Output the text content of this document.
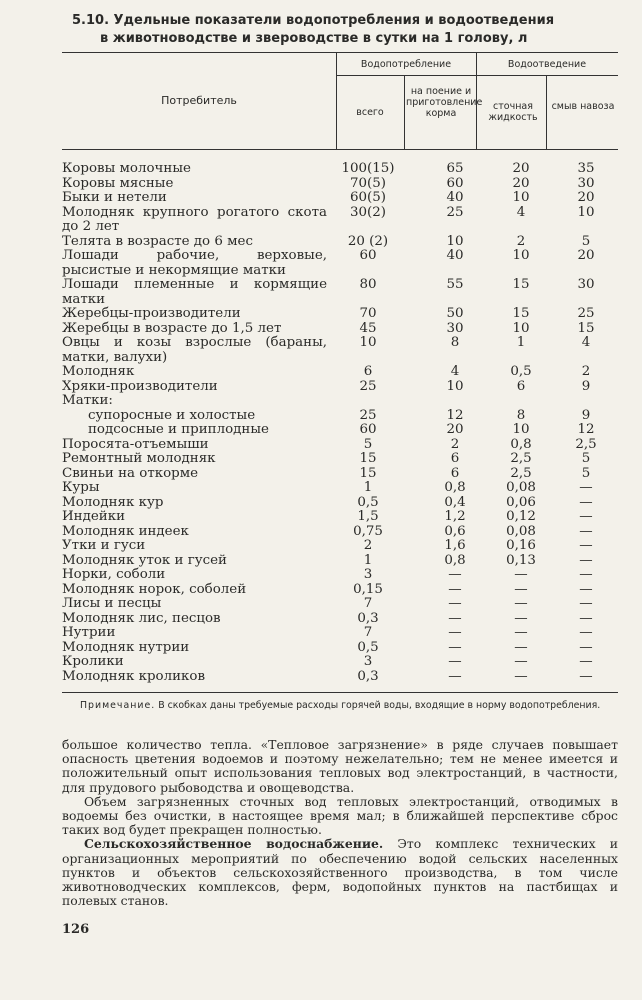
5.10. Удельные показатели водопотребления и водоотведения
в животноводстве и звероводстве в сутки на 1 голову, л
Потребитель
Водопотребление	Водоотведение
всего
на поение и приготовление корма
сточная жидкость
смыв навоза
Коровы молочные	100(15)	65	20	35
Коровы мясные	70(5)	60	20	30
Быки и нетели	60(5)	40	10	20
Молодняк крупного рогатого скота до 2 лет
30(2)	25	4	10
Телята в возрасте до 6 мес	20 (2)	10	2	5
Лошади рабочие, верховые, рысистые и некормящие матки
60	40	10	20
Лошади племенные и кормящие матки
80	55	15	30
Жеребцы-производители	70	50	15	25
Жеребцы в возрасте до 1,5 лет	45	30	10	15
Овцы и козы взрослые (бараны, матки, валухи)
10	8	1	4
Молодняк	6	4	0,5	2
Хряки-производители	25	10	6	9
Матки:
супоросные и холостые	25	12	8	9
подсосные и приплодные	60	20	10	12
Поросята-отъемыши	5	2	0,8	2,5
Ремонтный молодняк	15	6	2,5	5
Свиньи на откорме	15	6	2,5	5
Куры	1	0,8	0,08	—
Молодняк кур	0,5	0,4	0,06	—
Индейки	1,5	1,2	0,12	—
Молодняк индеек	0,75	0,6	0,08	—
Утки и гуси	2	1,6	0,16	—
Молодняк уток и гусей	1	0,8	0,13	—
Норки, соболи	3	—	—	—
Молодняк норок, соболей	0,15	—	—	—
Лисы и песцы	7	—	—	—
Молодняк лис, песцов	0,3	—	—	—
Нутрии	7	—	—	—
Молодняк нутрии	0,5	—	—	—
Кролики	3	—	—	—
Молодняк кроликов	0,3	—	—	—
Примечание. В скобках даны требуемые расходы горячей воды, входящие в норму водопотребления.

большое количество тепла. «Тепловое загрязнение» в ряде случаев повышает опасность цветения водоемов и поэтому нежелательно; тем не менее имеется и положительный опыт использования тепловых вод электростанций, в частности, для прудового рыбоводства и овощеводства.

Объем загрязненных сточных вод тепловых электростанций, отводимых в водоемы без очистки, в настоящее время мал; в ближайшей перспективе сброс таких вод будет прекращен полностью.

Сельскохозяйственное водоснабжение. Это комплекс технических и организационных мероприятий по обеспечению водой сельских населенных пунктов и объектов сельскохозяйственного производства, в том числе животноводческих комплексов, ферм, водопойных пунктов на пастбищах и полевых станов.

126
